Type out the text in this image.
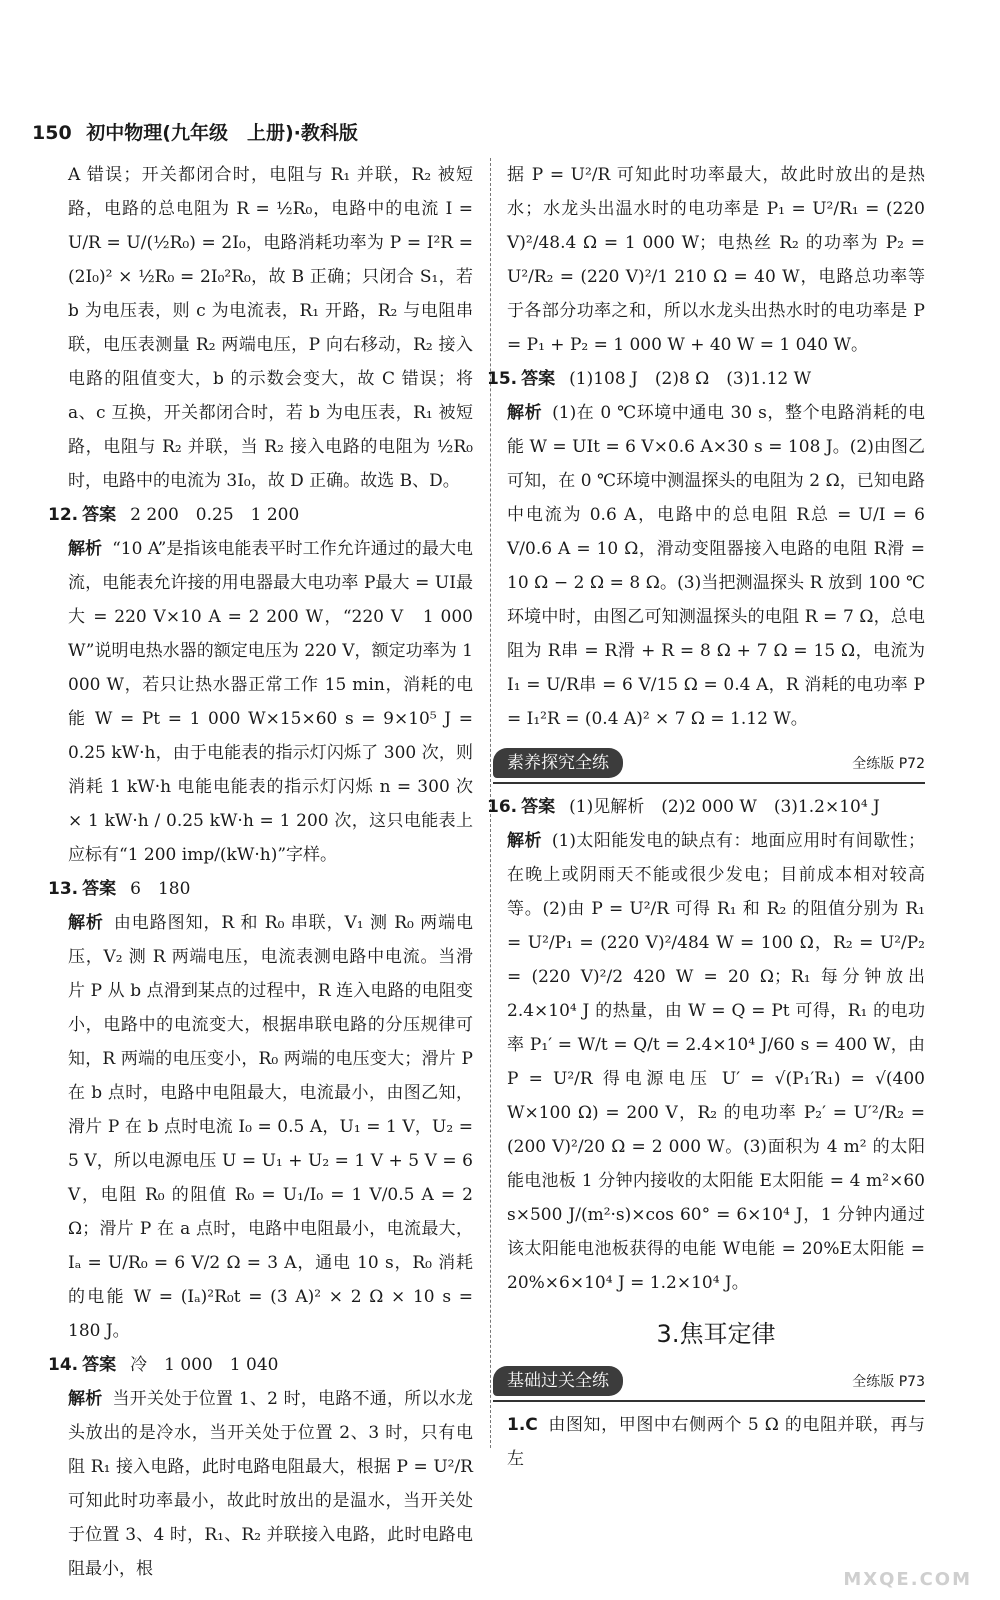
150 初中物理(九年级　上册)·教科版

A 错误；开关都闭合时，电阻与 R₁ 并联，R₂ 被短路，电路的总电阻为 R = ½R₀，电路中的电流 I = U/R = U/(½R₀) = 2I₀，电路消耗功率为 P = I²R = (2I₀)² × ½R₀ = 2I₀²R₀，故 B 正确；只闭合 S₁，若 b 为电压表，则 c 为电流表，R₁ 开路，R₂ 与电阻串联，电压表测量 R₂ 两端电压，P 向右移动，R₂ 接入电路的阻值变大，b 的示数会变大，故 C 错误；将 a、c 互换，开关都闭合时，若 b 为电压表，R₁ 被短路，电阻与 R₂ 并联，当 R₂ 接入电路的电阻为 ½R₀ 时，电路中的电流为 3I₀，故 D 正确。故选 B、D。

12. 答案 2 200　0.25　1 200

解析 “10 A”是指该电能表平时工作允许通过的最大电流，电能表允许接的用电器最大电功率 P最大 = UI最大 = 220 V×10 A = 2 200 W，“220 V　1 000 W”说明电热水器的额定电压为 220 V，额定功率为 1 000 W，若只让热水器正常工作 15 min，消耗的电能 W = Pt = 1 000 W×15×60 s = 9×10⁵ J = 0.25 kW·h，由于电能表的指示灯闪烁了 300 次，则消耗 1 kW·h 电能电能表的指示灯闪烁 n = 300 次 × 1 kW·h / 0.25 kW·h = 1 200 次，这只电能表上应标有“1 200 imp/(kW·h)”字样。

13. 答案 6　180

解析 由电路图知，R 和 R₀ 串联，V₁ 测 R₀ 两端电压，V₂ 测 R 两端电压，电流表测电路中电流。当滑片 P 从 b 点滑到某点的过程中，R 连入电路的电阻变小，电路中的电流变大，根据串联电路的分压规律可知，R 两端的电压变小，R₀ 两端的电压变大；滑片 P 在 b 点时，电路中电阻最大，电流最小，由图乙知，滑片 P 在 b 点时电流 I₀ = 0.5 A，U₁ = 1 V，U₂ = 5 V，所以电源电压 U = U₁ + U₂ = 1 V + 5 V = 6 V，电阻 R₀ 的阻值 R₀ = U₁/I₀ = 1 V/0.5 A = 2 Ω；滑片 P 在 a 点时，电路中电阻最小，电流最大，Iₐ = U/R₀ = 6 V/2 Ω = 3 A，通电 10 s，R₀ 消耗的电能 W = (Iₐ)²R₀t = (3 A)² × 2 Ω × 10 s = 180 J。

14. 答案 冷　1 000　1 040

解析 当开关处于位置 1、2 时，电路不通，所以水龙头放出的是冷水，当开关处于位置 2、3 时，只有电阻 R₁ 接入电路，此时电路电阻最大，根据 P = U²/R 可知此时功率最小，故此时放出的是温水，当开关处于位置 3、4 时，R₁、R₂ 并联接入电路，此时电路电阻最小，根

据 P = U²/R 可知此时功率最大，故此时放出的是热水；水龙头出温水时的电功率是 P₁ = U²/R₁ = (220 V)²/48.4 Ω = 1 000 W；电热丝 R₂ 的功率为 P₂ = U²/R₂ = (220 V)²/1 210 Ω = 40 W，电路总功率等于各部分功率之和，所以水龙头出热水时的电功率是 P = P₁ + P₂ = 1 000 W + 40 W = 1 040 W。

15. 答案 (1)108 J　(2)8 Ω　(3)1.12 W

解析 (1)在 0 ℃环境中通电 30 s，整个电路消耗的电能 W = UIt = 6 V×0.6 A×30 s = 108 J。(2)由图乙可知，在 0 ℃环境中测温探头的电阻为 2 Ω，已知电路中电流为 0.6 A，电路中的总电阻 R总 = U/I = 6 V/0.6 A = 10 Ω，滑动变阻器接入电路的电阻 R滑 = 10 Ω − 2 Ω = 8 Ω。(3)当把测温探头 R 放到 100 ℃环境中时，由图乙可知测温探头的电阻 R = 7 Ω，总电阻为 R串 = R滑 + R = 8 Ω + 7 Ω = 15 Ω，电流为 I₁ = U/R串 = 6 V/15 Ω = 0.4 A，R 消耗的电功率 P = I₁²R = (0.4 A)² × 7 Ω = 1.12 W。

素养探究全练	全练版 P72
16. 答案 (1)见解析　(2)2 000 W　(3)1.2×10⁴ J

解析 (1)太阳能发电的缺点有：地面应用时有间歇性；在晚上或阴雨天不能或很少发电；目前成本相对较高等。(2)由 P = U²/R 可得 R₁ 和 R₂ 的阻值分别为 R₁ = U²/P₁ = (220 V)²/484 W = 100 Ω，R₂ = U²/P₂ = (220 V)²/2 420 W = 20 Ω；R₁ 每分钟放出 2.4×10⁴ J 的热量，由 W = Q = Pt 可得，R₁ 的电功率 P₁′ = W/t = Q/t = 2.4×10⁴ J/60 s = 400 W，由 P = U²/R 得电源电压 U′ = √(P₁′R₁) = √(400 W×100 Ω) = 200 V，R₂ 的电功率 P₂′ = U′²/R₂ = (200 V)²/20 Ω = 2 000 W。(3)面积为 4 m² 的太阳能电池板 1 分钟内接收的太阳能 E太阳能 = 4 m²×60 s×500 J/(m²·s)×cos 60° = 6×10⁴ J，1 分钟内通过该太阳能电池板获得的电能 W电能 = 20%E太阳能 = 20%×6×10⁴ J = 1.2×10⁴ J。

3.焦耳定律
基础过关全练	全练版 P73

1.C 由图知，甲图中右侧两个 5 Ω 的电阻并联，再与左

MXQE.COM
